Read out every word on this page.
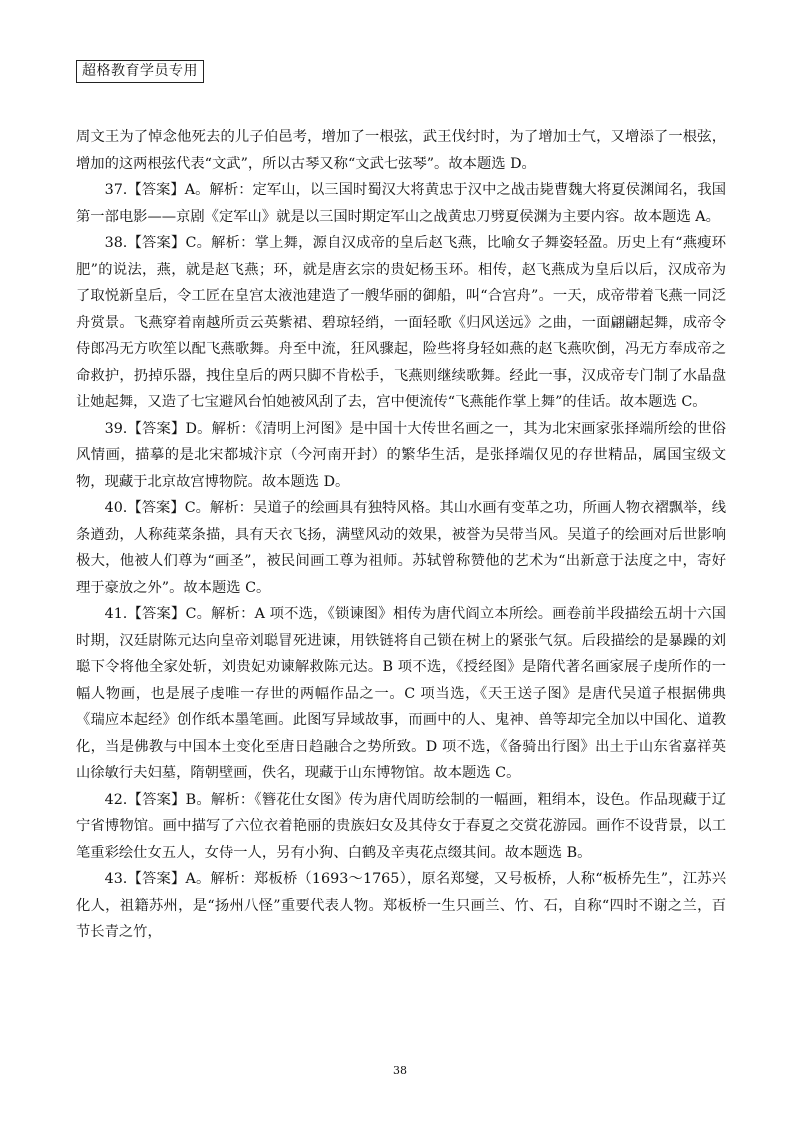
超格教育学员专用

周文王为了悼念他死去的儿子伯邑考，增加了一根弦，武王伐纣时，为了增加士气，又增添了一根弦，增加的这两根弦代表“文武”，所以古琴又称“文武七弦琴”。故本题选 D。

37.【答案】A。解析：定军山，以三国时蜀汉大将黄忠于汉中之战击毙曹魏大将夏侯渊闻名，我国第一部电影——京剧《定军山》就是以三国时期定军山之战黄忠刀劈夏侯渊为主要内容。故本题选 A。

38.【答案】C。解析：掌上舞，源自汉成帝的皇后赵飞燕，比喻女子舞姿轻盈。历史上有“燕瘦环肥”的说法，燕，就是赵飞燕；环，就是唐玄宗的贵妃杨玉环。相传，赵飞燕成为皇后以后，汉成帝为了取悦新皇后，令工匠在皇宫太液池建造了一艘华丽的御船，叫“合宫舟”。一天，成帝带着飞燕一同泛舟赏景。飞燕穿着南越所贡云英紫裙、碧琼轻绡，一面轻歌《归风送远》之曲，一面翩翩起舞，成帝令侍郎冯无方吹笙以配飞燕歌舞。舟至中流，狂风骤起，险些将身轻如燕的赵飞燕吹倒，冯无方奉成帝之命救护，扔掉乐器，拽住皇后的两只脚不肯松手，飞燕则继续歌舞。经此一事，汉成帝专门制了水晶盘让她起舞，又造了七宝避风台怕她被风刮了去，宫中便流传“飞燕能作掌上舞”的佳话。故本题选 C。

39.【答案】D。解析：《清明上河图》是中国十大传世名画之一，其为北宋画家张择端所绘的世俗风情画，描摹的是北宋都城汴京（今河南开封）的繁华生活，是张择端仅见的存世精品，属国宝级文物，现藏于北京故宫博物院。故本题选 D。

40.【答案】C。解析：吴道子的绘画具有独特风格。其山水画有变革之功，所画人物衣褶飘举，线条遒劲，人称莼菜条描，具有天衣飞扬，满壁风动的效果，被誉为吴带当风。吴道子的绘画对后世影响极大，他被人们尊为“画圣”，被民间画工尊为祖师。苏轼曾称赞他的艺术为“出新意于法度之中，寄好理于豪放之外”。故本题选 C。

41.【答案】C。解析：A 项不选，《锁谏图》相传为唐代阎立本所绘。画卷前半段描绘五胡十六国时期，汉廷尉陈元达向皇帝刘聪冒死进谏，用铁链将自己锁在树上的紧张气氛。后段描绘的是暴躁的刘聪下令将他全家处斩，刘贵妃劝谏解救陈元达。B 项不选，《授经图》是隋代著名画家展子虔所作的一幅人物画，也是展子虔唯一存世的两幅作品之一。C 项当选，《天王送子图》是唐代吴道子根据佛典《瑞应本起经》创作纸本墨笔画。此图写异域故事，而画中的人、鬼神、兽等却完全加以中国化、道教化，当是佛教与中国本土变化至唐日趋融合之势所致。D 项不选，《备骑出行图》出土于山东省嘉祥英山徐敏行夫妇墓，隋朝壁画，佚名，现藏于山东博物馆。故本题选 C。

42.【答案】B。解析：《簪花仕女图》传为唐代周昉绘制的一幅画，粗绢本，设色。作品现藏于辽宁省博物馆。画中描写了六位衣着艳丽的贵族妇女及其侍女于春夏之交赏花游园。画作不设背景，以工笔重彩绘仕女五人，女侍一人，另有小狗、白鹤及辛夷花点缀其间。故本题选 B。

43.【答案】A。解析：郑板桥（1693～1765），原名郑燮，又号板桥，人称“板桥先生”，江苏兴化人，祖籍苏州，是“扬州八怪”重要代表人物。郑板桥一生只画兰、竹、石，自称“四时不谢之兰，百节长青之竹，

38
